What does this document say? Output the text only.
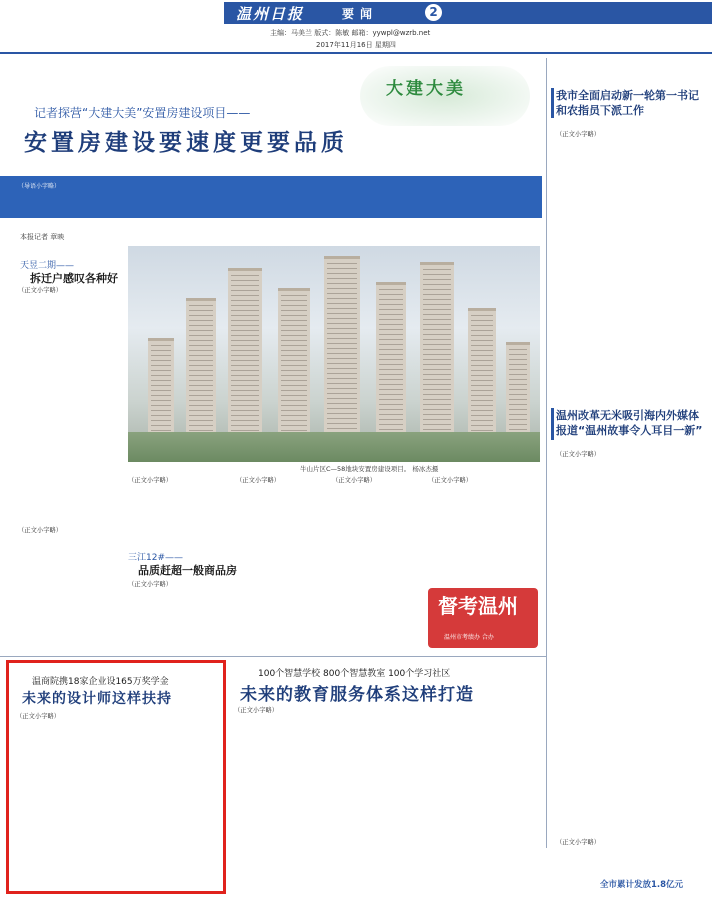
温州日报	要闻	2
主编：马美兰 版式：陈敏 邮箱：yywpl@wzrb.net
2017年11月16日 星期四
大建大美
记者探营“大建大美”安置房建设项目——
安置房建设要速度更要品质
（导语小字略）
本报记者 章映
天昱二期——
拆迁户感叹各种好
（正文小字略）
（正文小字略）
牛山片区C—58地块安置房建设项目。 杨冰杰摄
（正文小字略）
三江12#——
品质赶超一般商品房
（正文小字略）
（正文小字略）	（正文小字略）	（正文小字略）
督考温州
温州市考绩办 合办
我市全面启动新一轮第一书记和农指员下派工作
（正文小字略）
温州改革无米吸引海内外媒体报道“温州故事令人耳目一新”
（正文小字略）
（正文小字略）
全市累计发放1.8亿元
温商院携18家企业设165万奖学金
未来的设计师这样扶持
（正文小字略）
100个智慧学校 800个智慧教室 100个学习社区
未来的教育服务体系这样打造
（正文小字略）
